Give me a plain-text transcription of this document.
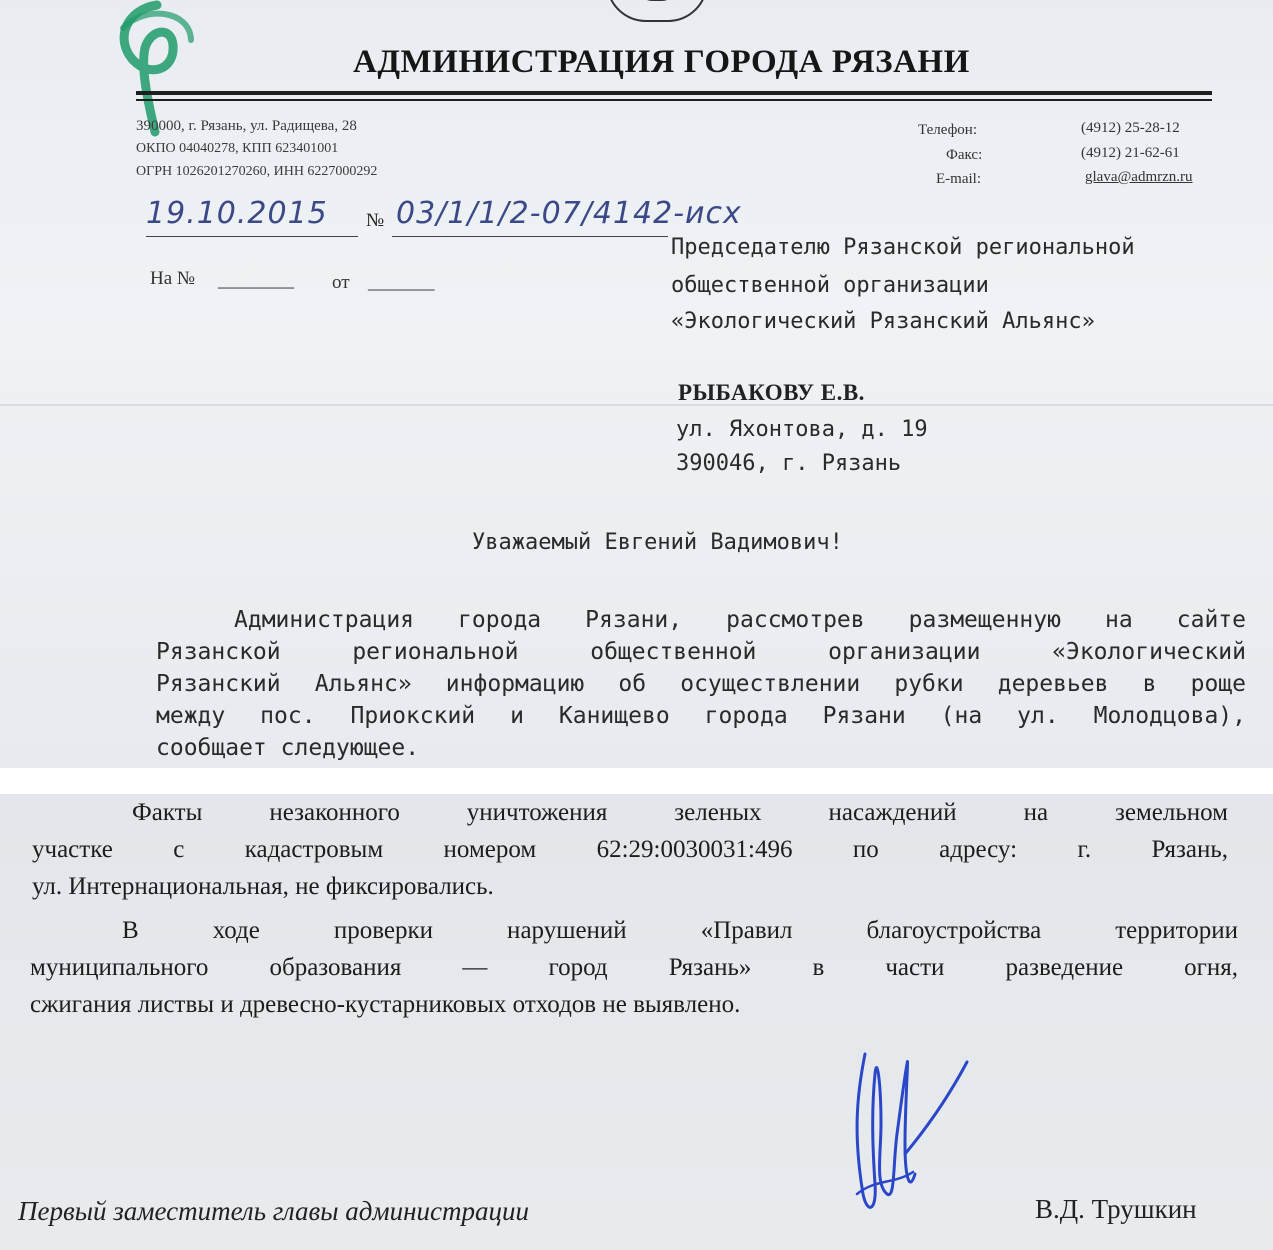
АДМИНИСТРАЦИЯ ГОРОДА РЯЗАНИ
390000, г. Рязань, ул. Радищева, 28
ОКПО 04040278, КПП 623401001
ОГРН 1026201270260, ИНН 6227000292
Телефон:	(4912) 25-28-12
Факс:	(4912) 21-62-61
E-mail:	glava@admrzn.ru
19.10.2015 № 03/1/1/2-07/4142-исх
На № ________ от _______
Председателю Рязанской региональной
общественной организации
«Экологический Рязанский Альянс»
РЫБАКОВУ Е.В.
ул. Яхонтова, д. 19
390046, г. Рязань
Уважаемый Евгений Вадимович!

Администрация города Рязани, рассмотрев размещенную на сайте

Рязанской региональной общественной организации «Экологический

Рязанский Альянс» информацию об осуществлении рубки деревьев в роще

между пос. Приокский и Канищево города Рязани (на ул. Молодцова),

сообщает следующее.

Факты незаконного уничтожения зеленых насаждений на земельном

участке с кадастровым номером 62:29:0030031:496 по адресу: г. Рязань,

ул. Интернациональная, не фиксировались.

В ходе проверки нарушений «Правил благоустройства территории

муниципального образования — город Рязань» в части разведение огня,

сжигания листвы и древесно-кустарниковых отходов не выявлено.

Первый заместитель главы администрации	В.Д. Трушкин
